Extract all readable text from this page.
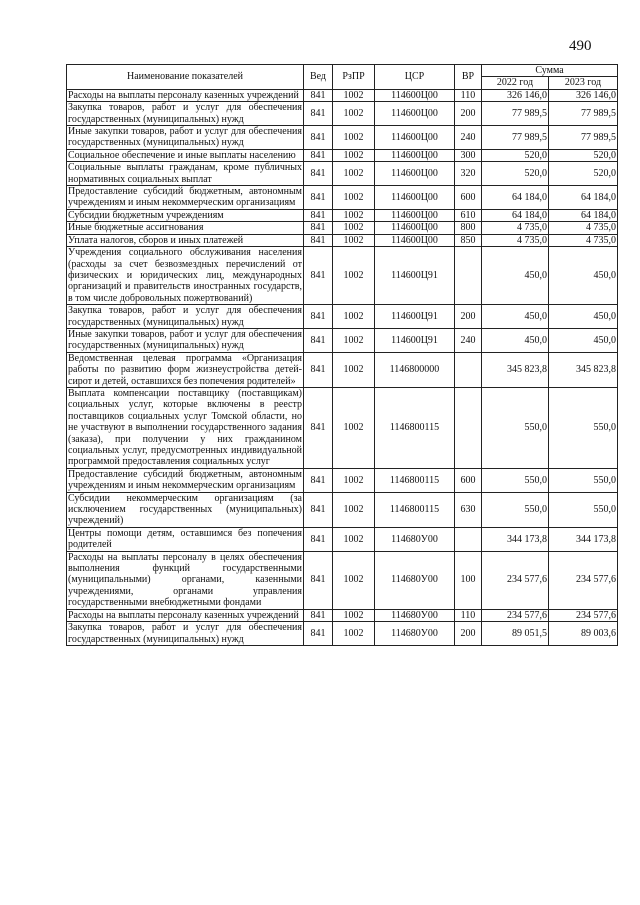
490
Наименование показателей	Вед	РзПР	ЦСР	ВР	Сумма	
					2022 год	2023 год
Расходы на выплаты персоналу казенных учреждений	841	1002	114600Ц00	110	326 146,0	326 146,0
Закупка товаров, работ и услуг для обеспечения государственных (муниципальных) нужд	841	1002	114600Ц00	200	77 989,5	77 989,5
Иные закупки товаров, работ и услуг для обеспечения государственных (муниципальных) нужд	841	1002	114600Ц00	240	77 989,5	77 989,5
Социальное обеспечение и иные выплаты населению	841	1002	114600Ц00	300	520,0	520,0
Социальные выплаты гражданам, кроме публичных нормативных социальных выплат	841	1002	114600Ц00	320	520,0	520,0
Предоставление субсидий бюджетным, автономным учреждениям и иным некоммерческим организациям	841	1002	114600Ц00	600	64 184,0	64 184,0
Субсидии бюджетным учреждениям	841	1002	114600Ц00	610	64 184,0	64 184,0
Иные бюджетные ассигнования	841	1002	114600Ц00	800	4 735,0	4 735,0
Уплата налогов, сборов и иных платежей	841	1002	114600Ц00	850	4 735,0	4 735,0
Учреждения социального обслуживания населения (расходы за счет безвозмездных перечислений от физических и юридических лиц, международных организаций и правительств иностранных государств, в том числе добровольных пожертвований)	841	1002	114600Ц91		450,0	450,0
Закупка товаров, работ и услуг для обеспечения государственных (муниципальных) нужд	841	1002	114600Ц91	200	450,0	450,0
Иные закупки товаров, работ и услуг для обеспечения государственных (муниципальных) нужд	841	1002	114600Ц91	240	450,0	450,0
Ведомственная целевая программа «Организация работы по развитию форм жизнеустройства детей-сирот и детей, оставшихся без попечения родителей»	841	1002	1146800000		345 823,8	345 823,8
Выплата компенсации поставщику (поставщикам) социальных услуг, которые включены в реестр поставщиков социальных услуг Томской области, но не участвуют в выполнении государственного задания (заказа), при получении у них гражданином социальных услуг, предусмотренных индивидуальной программой предоставления социальных услуг	841	1002	1146800115		550,0	550,0
Предоставление субсидий бюджетным, автономным учреждениям и иным некоммерческим организациям	841	1002	1146800115	600	550,0	550,0
Субсидии некоммерческим организациям (за исключением государственных (муниципальных) учреждений)	841	1002	1146800115	630	550,0	550,0
Центры помощи детям, оставшимся без попечения родителей	841	1002	114680У00		344 173,8	344 173,8
Расходы на выплаты персоналу в целях обеспечения выполнения функций государственными (муниципальными) органами, казенными учреждениями, органами управления государственными внебюджетными фондами	841	1002	114680У00	100	234 577,6	234 577,6
Расходы на выплаты персоналу казенных учреждений	841	1002	114680У00	110	234 577,6	234 577,6
Закупка товаров, работ и услуг для обеспечения государственных (муниципальных) нужд	841	1002	114680У00	200	89 051,5	89 003,6
